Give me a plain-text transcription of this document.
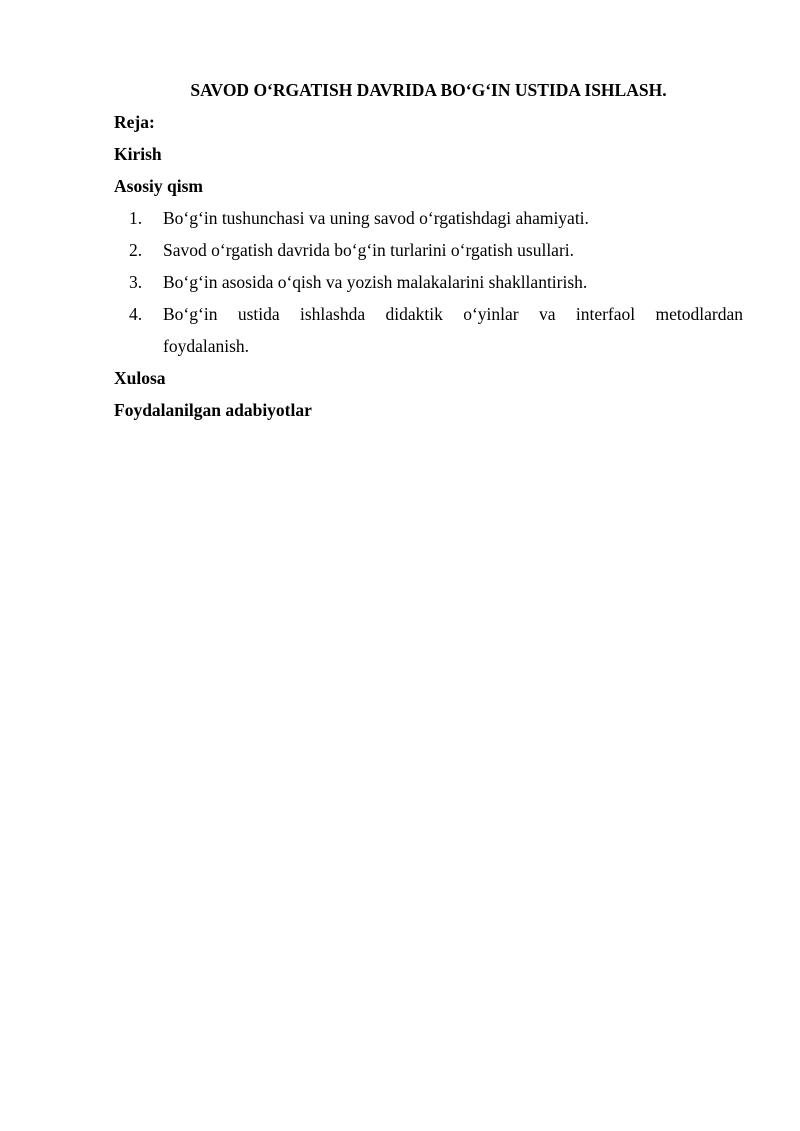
SAVOD O‘RGATISH DAVRIDA BO‘G‘IN USTIDA ISHLASH.
Reja:
Kirish
Asosiy qism
1. Bo‘g‘in tushunchasi va uning savod o‘rgatishdagi ahamiyati.
2. Savod o‘rgatish davrida bo‘g‘in turlarini o‘rgatish usullari.
3. Bo‘g‘in asosida o‘qish va yozish malakalarini shakllantirish.
4. Bo‘g‘in ustida ishlashda didaktik o‘yinlar va interfaol metodlardan
foydalanish.
Xulosa
Foydalanilgan adabiyotlar
